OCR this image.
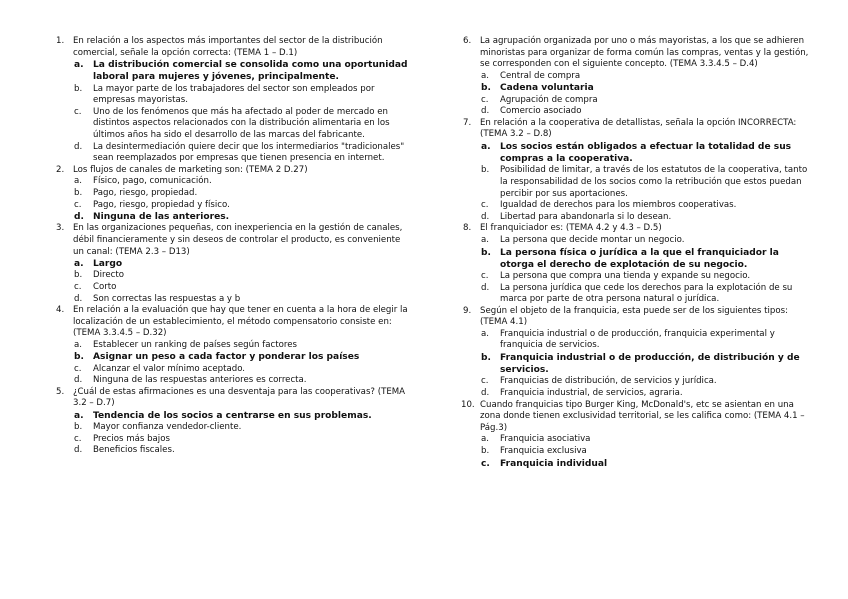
1. En relación a los aspectos más importantes del sector de la distribución comercial, señale la opción correcta: (TEMA 1 – D.1)
a. La distribución comercial se consolida como una oportunidad laboral para mujeres y jóvenes, principalmente.
b. La mayor parte de los trabajadores del sector son empleados por empresas mayoristas.
c. Uno de los fenómenos que más ha afectado al poder de mercado en distintos aspectos relacionados con la distribución alimentaria en los últimos años ha sido el desarrollo de las marcas del fabricante.
d. La desintermediación quiere decir que los intermediarios "tradicionales" sean reemplazados por empresas que tienen presencia en internet.
2. Los flujos de canales de marketing son: (TEMA 2 D.27)
a. Físico, pago, comunicación.
b. Pago, riesgo, propiedad.
c. Pago, riesgo, propiedad y físico.
d. Ninguna de las anteriores.
3. En las organizaciones pequeñas, con inexperiencia en la gestión de canales, débil financieramente y sin deseos de controlar el producto, es conveniente un canal: (TEMA 2.3 – D13)
a. Largo
b. Directo
c. Corto
d. Son correctas las respuestas a y b
4. En relación a la evaluación que hay que tener en cuenta a la hora de elegir la localización de un establecimiento, el método compensatorio consiste en: (TEMA 3.3.4.5 – D.32)
a. Establecer un ranking de países según factores
b. Asignar un peso a cada factor y ponderar los países
c. Alcanzar el valor mínimo aceptado.
d. Ninguna de las respuestas anteriores es correcta.
5. ¿Cuál de estas afirmaciones es una desventaja para las cooperativas? (TEMA 3.2 – D.7)
a. Tendencia de los socios a centrarse en sus problemas.
b. Mayor confianza vendedor-cliente.
c. Precios más bajos
d. Beneficios fiscales.
6. La agrupación organizada por uno o más mayoristas, a los que se adhieren minoristas para organizar de forma común las compras, ventas y la gestión, se corresponden con el siguiente concepto. (TEMA 3.3.4.5 – D.4)
a. Central de compra
b. Cadena voluntaria
c. Agrupación de compra
d. Comercio asociado
7. En relación a la cooperativa de detallistas, señala la opción INCORRECTA: (TEMA 3.2 – D.8)
a. Los socios están obligados a efectuar la totalidad de sus compras a la cooperativa.
b. Posibilidad de limitar, a través de los estatutos de la cooperativa, tanto la responsabilidad de los socios como la retribución que estos puedan percibir por sus aportaciones.
c. Igualdad de derechos para los miembros cooperativas.
d. Libertad para abandonarla si lo desean.
8. El franquiciador es: (TEMA 4.2 y 4.3 – D.5)
a. La persona que decide montar un negocio.
b. La persona física o jurídica a la que el franquiciador la otorga el derecho de explotación de su negocio.
c. La persona que compra una tienda y expande su negocio.
d. La persona jurídica que cede los derechos para la explotación de su marca por parte de otra persona natural o jurídica.
9. Según el objeto de la franquicia, esta puede ser de los siguientes tipos: (TEMA 4.1)
a. Franquicia industrial o de producción, franquicia experimental y franquicia de servicios.
b. Franquicia industrial o de producción, de distribución y de servicios.
c. Franquicias de distribución, de servicios y jurídica.
d. Franquicia industrial, de servicios, agraria.
10. Cuando franquicias tipo Burger King, McDonald's, etc se asientan en una zona donde tienen exclusividad territorial, se les califica como: (TEMA 4.1 – Pág.3)
a. Franquicia asociativa
b. Franquicia exclusiva
c. Franquicia individual
